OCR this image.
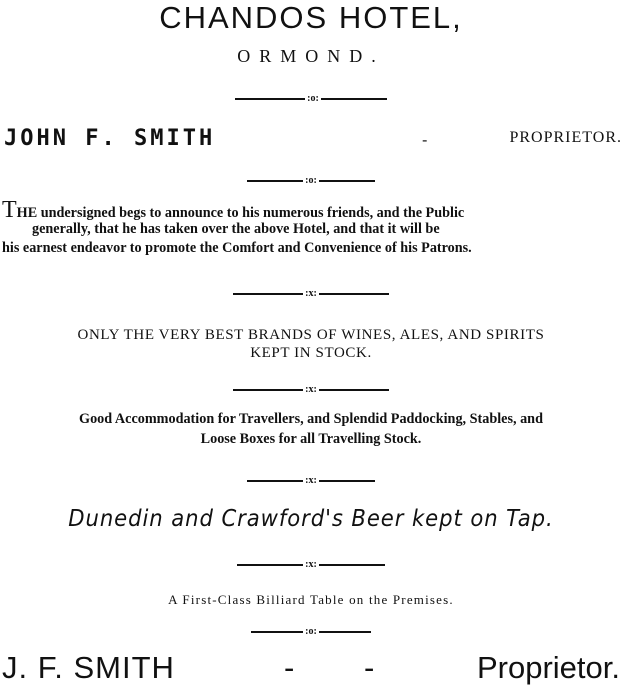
CHANDOS HOTEL,
ORMOND.
:o:
JOHN F. SMITH	-	PROPRIETOR.
:o:
THE undersigned begs to announce to his numerous friends, and the Public
generally, that he has taken over the above Hotel, and that it will be
his earnest endeavor to promote the Comfort and Convenience of his Patrons.
:x:
ONLY THE VERY BEST BRANDS OF WINES, ALES, AND SPIRITS
KEPT IN STOCK.
:x:
Good Accommodation for Travellers, and Splendid Paddocking, Stables, and
Loose Boxes for all Travelling Stock.
:x:
Dunedin and Crawford's Beer kept on Tap.
:x:
A First-Class Billiard Table on the Premises.
:o:
J. F. SMITH	- -	Proprietor.
